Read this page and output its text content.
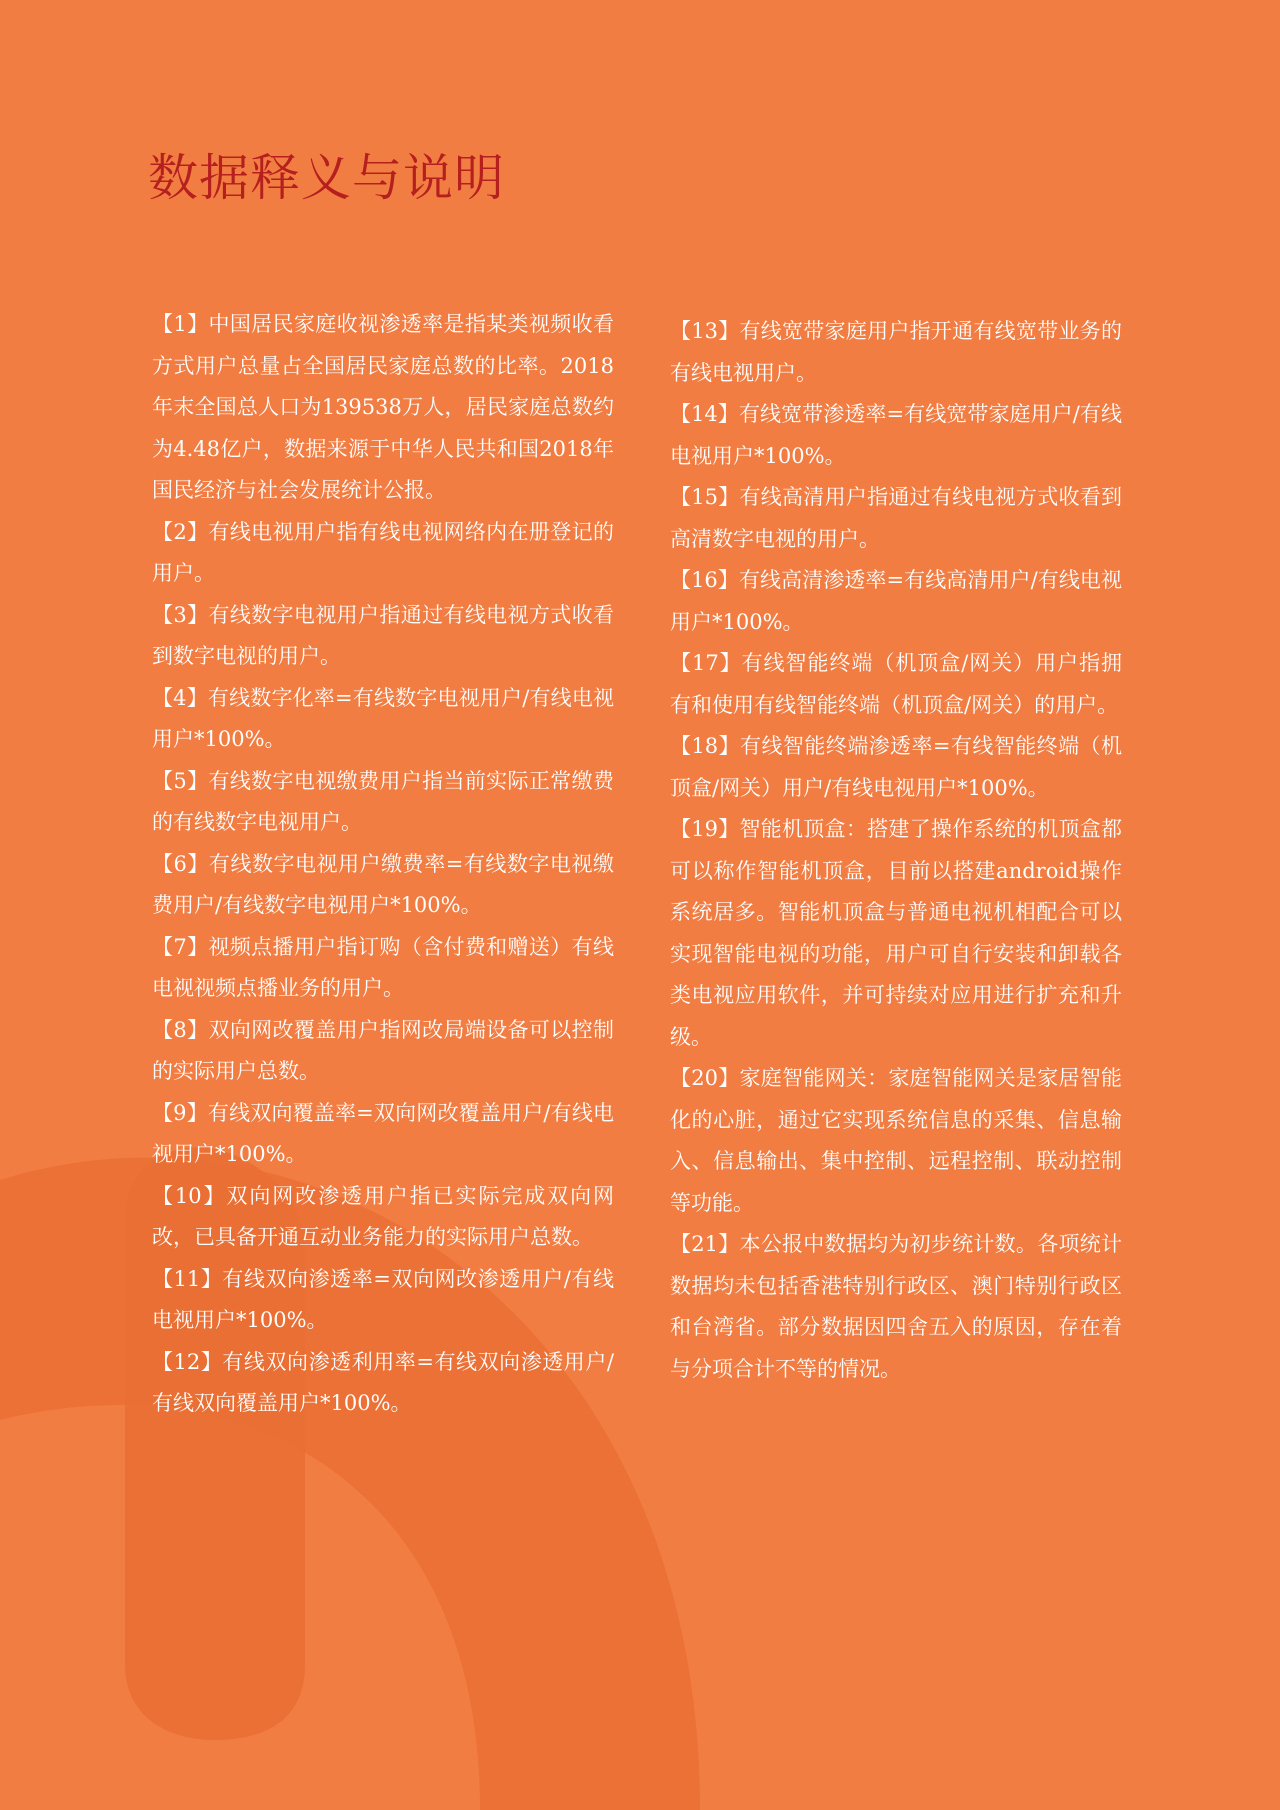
数据释义与说明

【1】中国居民家庭收视渗透率是指某类视频收看方式用户总量占全国居民家庭总数的比率。2018年末全国总人口为139538万人，居民家庭总数约为4.48亿户，数据来源于中华人民共和国2018年国民经济与社会发展统计公报。

【2】有线电视用户指有线电视网络内在册登记的用户。

【3】有线数字电视用户指通过有线电视方式收看到数字电视的用户。

【4】有线数字化率=有线数字电视用户/有线电视用户*100%。

【5】有线数字电视缴费用户指当前实际正常缴费的有线数字电视用户。

【6】有线数字电视用户缴费率=有线数字电视缴费用户/有线数字电视用户*100%。

【7】视频点播用户指订购（含付费和赠送）有线电视视频点播业务的用户。

【8】双向网改覆盖用户指网改局端设备可以控制的实际用户总数。

【9】有线双向覆盖率=双向网改覆盖用户/有线电视用户*100%。

【10】双向网改渗透用户指已实际完成双向网改，已具备开通互动业务能力的实际用户总数。

【11】有线双向渗透率=双向网改渗透用户/有线电视用户*100%。

【12】有线双向渗透利用率=有线双向渗透用户/有线双向覆盖用户*100%。

【13】有线宽带家庭用户指开通有线宽带业务的有线电视用户。

【14】有线宽带渗透率=有线宽带家庭用户/有线电视用户*100%。

【15】有线高清用户指通过有线电视方式收看到高清数字电视的用户。

【16】有线高清渗透率=有线高清用户/有线电视用户*100%。

【17】有线智能终端（机顶盒/网关）用户指拥有和使用有线智能终端（机顶盒/网关）的用户。

【18】有线智能终端渗透率=有线智能终端（机顶盒/网关）用户/有线电视用户*100%。

【19】智能机顶盒：搭建了操作系统的机顶盒都可以称作智能机顶盒，目前以搭建android操作系统居多。智能机顶盒与普通电视机相配合可以实现智能电视的功能，用户可自行安装和卸载各类电视应用软件，并可持续对应用进行扩充和升级。

【20】家庭智能网关：家庭智能网关是家居智能化的心脏，通过它实现系统信息的采集、信息输入、信息输出、集中控制、远程控制、联动控制等功能。

【21】本公报中数据均为初步统计数。各项统计数据均未包括香港特别行政区、澳门特别行政区和台湾省。部分数据因四舍五入的原因，存在着与分项合计不等的情况。
